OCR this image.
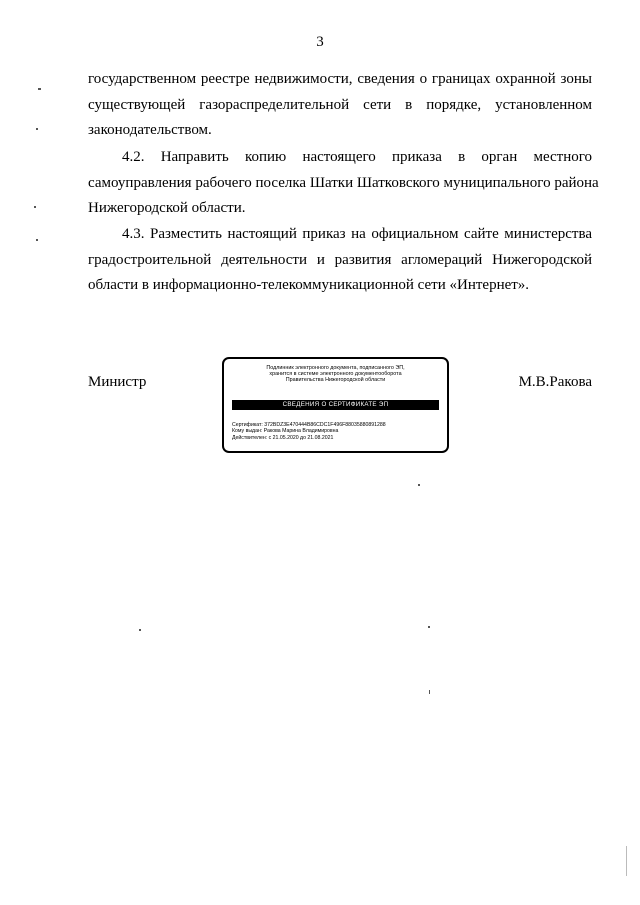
3
государственном реестре недвижимости, сведения о границах охранной зоны
существующей газораспределительной сети в порядке, установленном
законодательством.
4.2. Направить копию настоящего приказа в орган местного
самоуправления рабочего поселка Шатки Шатковского муниципального района
Нижегородской области.
4.3. Разместить настоящий приказ на официальном сайте министерства
градостроительной деятельности и развития агломераций Нижегородской
области в информационно-телекоммуникационной сети «Интернет».
Министр
Подлинник электронного документа, подписанного ЭП,
хранится в системе электронного документооборота
Правительства Нижегородской области
СВЕДЕНИЯ О СЕРТИФИКАТЕ ЭП
Сертификат: 372BDZ3E470444B86CDC1F496F88035880891288
Кому выдан: Ракова Марина Владимировна
Действителен: с 21.05.2020 до 21.08.2021
М.В.Ракова
